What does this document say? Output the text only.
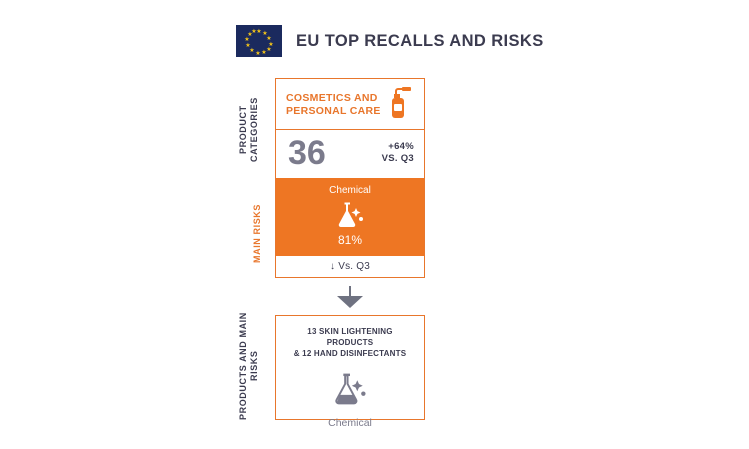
★ ★
★
★
★
★
★
★
★
★
★
★ EU TOP RECALLS AND RISKS
PRODUCT CATEGORIES
MAIN RISKS
PRODUCTS AND MAIN RISKS
COSMETICS AND PERSONAL CARE
36	+64%
VS. Q3
Chemical
81%
↓ Vs. Q3
13 SKIN LIGHTENING PRODUCTS
& 12 HAND DISINFECTANTS
Chemical
